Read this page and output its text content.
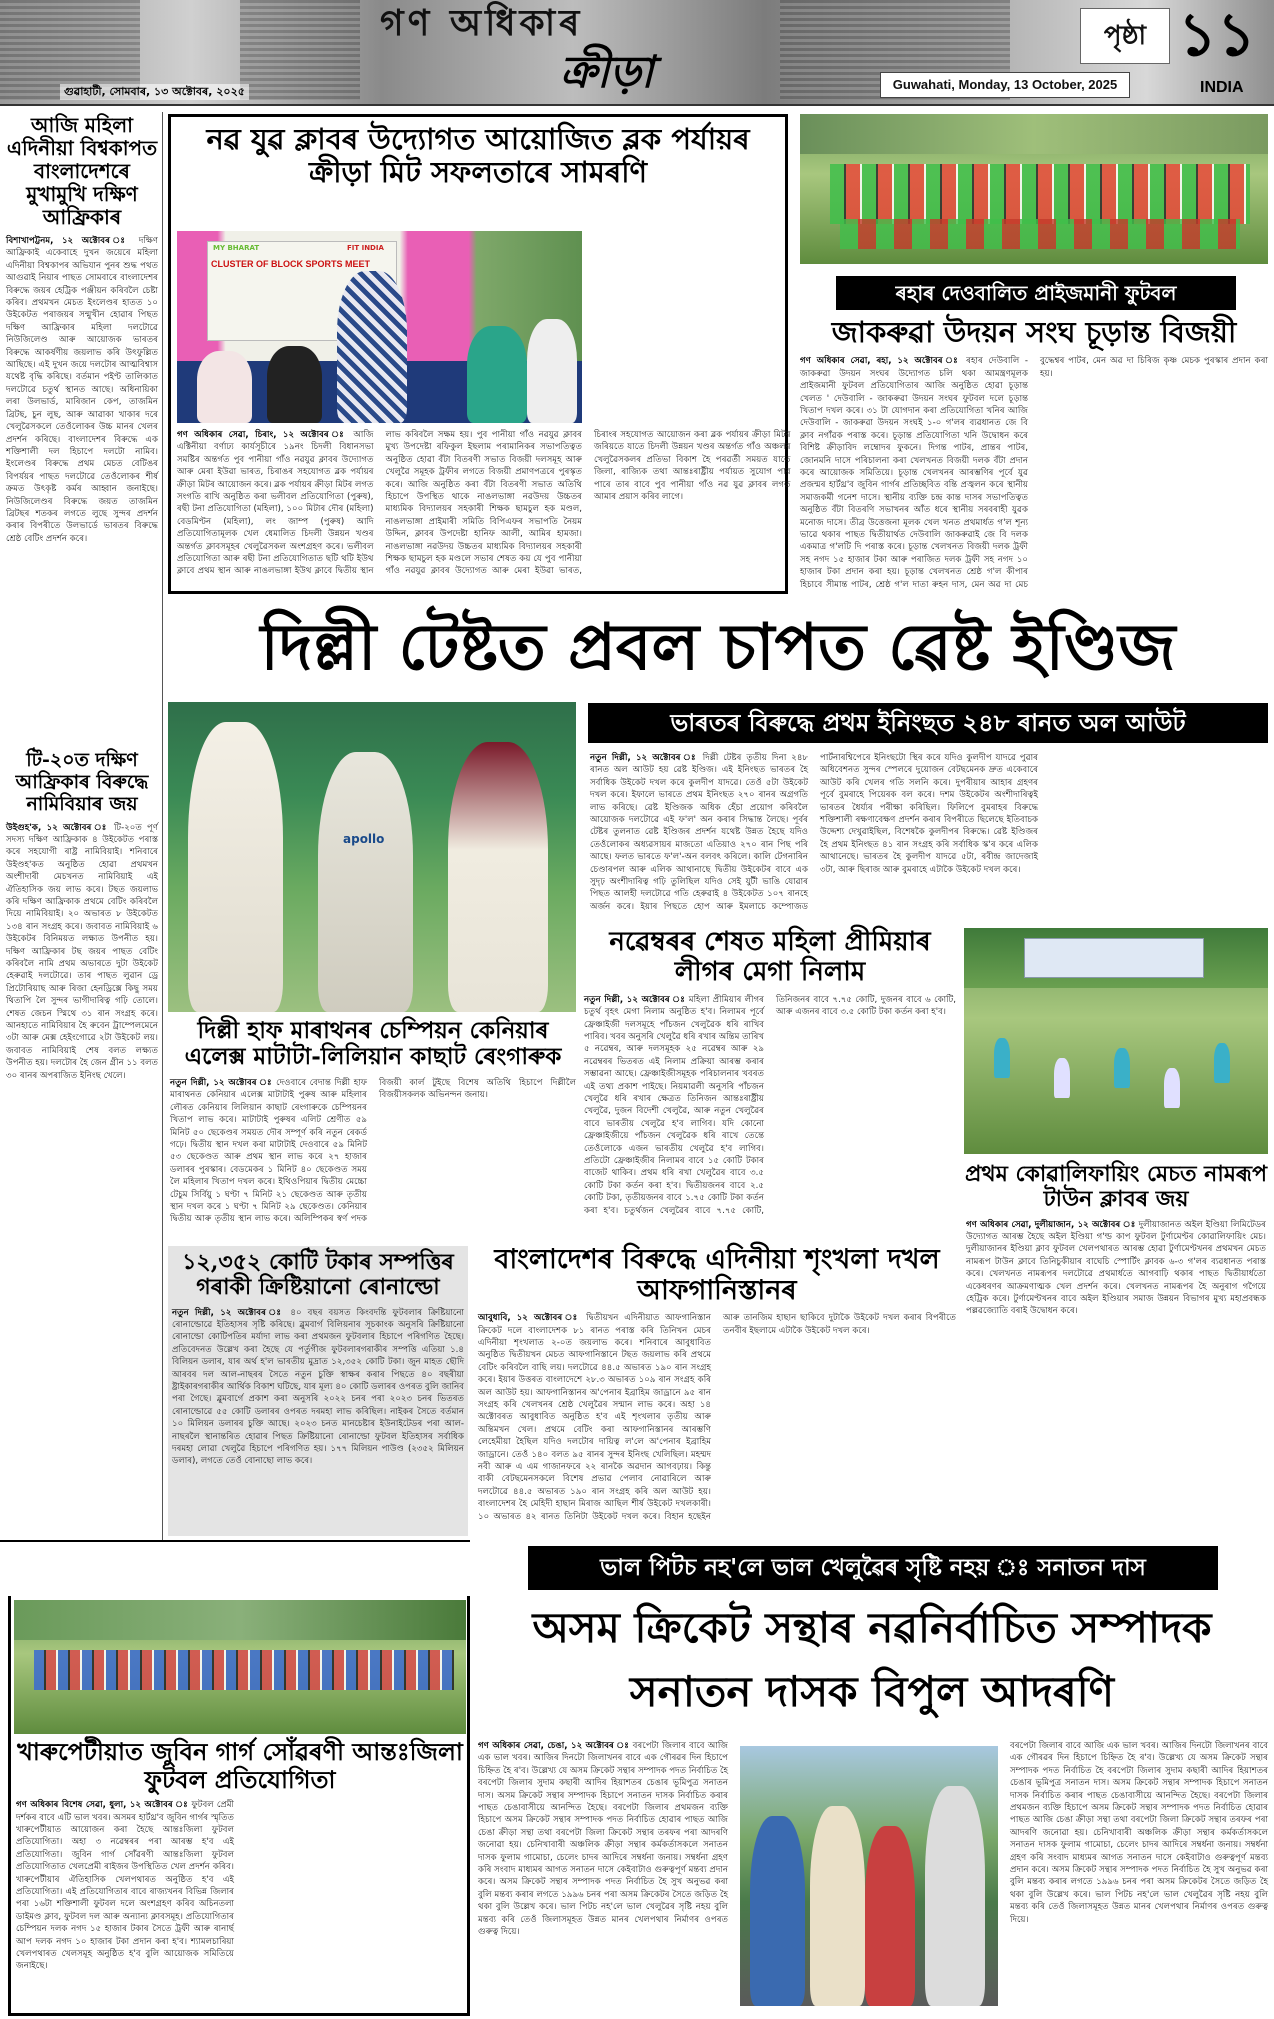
গণ অধিকাৰ
ক্ৰীড়া
গুৱাহাটী, সোমবাৰ, ১৩ অক্টোবৰ, ২০২৫	Guwahati, Monday, 13 October, 2025
পৃষ্ঠা ১১
INDIA
আজি মহিলা এদিনীয়া বিশ্বকাপত বাংলাদেশৰে মুখামুখি দক্ষিণ আফ্ৰিকাৰ
বিশাখাপট্টনম, ১২ অক্টোবৰ ঃ দক্ষিণ আফ্ৰিকাই একেবাহে দুখন জয়েৰে মহিলা এদিনীয়া বিশ্বকাপৰ অভিযান পুনৰ শুদ্ধ পথত আগুৱাই নিয়াৰ পাছত সোমবাৰে বাংলাদেশৰ বিৰুদ্ধে জয়ৰ হেট্ৰিক পঞ্জীয়ন কৰিবলৈ চেষ্টা কৰিব। প্ৰথমখন মেচত ইংলেণ্ডৰ হাতত ১০ উইকেটত পৰাজয়ৰ সন্মুখীন হোৱাৰ পিছত দক্ষিণ আফ্ৰিকাৰ মহিলা দলটোৱে নিউজিলেণ্ড আৰু আয়োজক ভাৰতৰ বিৰুদ্ধে আকৰ্ষণীয় জয়লাভ কৰি উৎফুল্লিত আছিছে। এই দুখন জয়ে দলটোৰ আত্মবিশ্বাস যথেষ্ট বৃদ্ধি কৰিছে। বৰ্তমান পইণ্ট তালিকাত দলটোৱে চতুৰ্থ স্থানত আছে। অধিনায়িকা লৰা উলভাৰ্ড, মাৰিজান কেপ, তাজমিন ব্ৰিটছ, চুন লুছ, আৰু আৱাকা খাকাৰ দৰে খেলুৱৈসকলে তেওঁলোকৰ উচ্চ মানৰ খেলৰ প্ৰদৰ্শন কৰিছে। বাংলাদেশৰ বিৰুদ্ধে এক শক্তিশালী দল হিচাপে দলটো নামিব। ইংলেণ্ডৰ বিৰুদ্ধে প্ৰথম মেচত বেটিঙৰ বিপৰ্যয়ৰ পাছত দলটোৱে তেওঁলোকৰ শীৰ্ষ ক্ৰমত উৎকৃষ্ট কৰ্মৰ আহ্বান জনাইছে। নিউজিলেণ্ডৰ বিৰুদ্ধে জয়ত তাজমিন ব্ৰিটছৰ শতকৰ লগতে লুছে সুন্দৰ প্ৰদৰ্শন কৰাৰ বিপৰীতে উলভাৰ্ডে ভাৰতৰ বিৰুদ্ধে শ্ৰেষ্ঠ বেটিং প্ৰদৰ্শন কৰে।
টি-২০ত দক্ষিণ আফ্ৰিকাৰ বিৰুদ্ধে নামিবিয়াৰ জয়
উইগুহ'ক, ১২ অক্টোবৰ ঃ টি-২০ত পূৰ্ণ সদস্য দক্ষিণ আফ্ৰিকাক ৪ উইকেটত পৰাস্ত কৰে সহযোগী ৰাষ্ট্ৰ নামিবিয়াই। শনিবাৰে উইণ্ডহ'কত অনুষ্ঠিত হোৱা প্ৰথমখন অংশীদাৰী মেচখনত নামিবিয়াই এই ঐতিহাসিক জয় লাভ কৰে। টছত জয়লাভ কৰি দক্ষিণ আফ্ৰিকাক প্ৰথমে বেটিং কৰিবলৈ দিয়ে নামিবিয়াই। ২০ অভাৰত ৮ উইকেটত ১৩৪ ৰান সংগ্ৰহ কৰে। জবাবত নামিবিয়াই ৬ উইকেটৰ বিনিময়ত লক্ষ্যত উপনীত হয়। দক্ষিণ আফ্ৰিকাৰ টছ জয়ৰ পাছত বেটিং কৰিবলৈ নামি প্ৰথম অভাৰতে দুটা উইকেট হেৰুৱাই দলটোৱে। তাৰ পাছত লুৱান ড্ৰে প্ৰিটোৰিয়াছ আৰু ৰিজা হেনড্ৰিক্সে কিছু সময় থিতাপি লৈ সুন্দৰ ভাগীদাৰিত্ব গঢ়ি তোলে। শেষত জেচন স্মিথে ৩১ ৰান সংগ্ৰহ কৰে। আনহাতে নামিবিয়াৰ হৈ ৰুবেন ট্ৰাম্পেলমেনে ৩টা আৰু মেক্স হেইংগোৱে ২টা উইকেট লয়। জবাবত নামিবিয়াই শেষ বলত লক্ষ্যত উপনীত হয়। দলটোৰ হৈ জেন গ্ৰীন ১১ বলত ৩০ ৰানৰ অপৰাজিত ইনিংছ খেলে।
নৱ যুৱ ক্লাবৰ উদ্যোগত আয়োজিত ব্লক পৰ্যায়ৰ ক্ৰীড়া মিট সফলতাৰে সামৰণি
MY BHARAT	FIT INDIA
CLUSTER OF BLOCK SPORTS MEET
গণ অধিকাৰ সেৱা, চিৰাং, ১২ অক্টোবৰ ঃ আজি এক্টিনীয়া বৰ্ণাঢ্য কাৰ্যসূচীৰে ১৯নং চিদলী বিধানসভা সমষ্টিৰ অন্তৰ্গত পুব পানীয়া গাঁও নৱযুৱ ক্লাবৰ উদ্যোগত আৰু মেৰা ইউৱা ভাৰত, চিৰাঙৰ সহযোগত ব্লক পৰ্যায়ৰ ক্ৰীড়া মিটৰ আয়োজন কৰে। ব্লক পৰ্যায়ৰ ক্ৰীড়া মিটৰ লগত সংগতি ৰাখি অনুষ্ঠিত কৰা ভলীবল প্ৰতিযোগিতা (পুৰুষ), ৰছী টনা প্ৰতিযোগিতা (মহিলা), ১০০ মিটাৰ দৌৰ (মহিলা) বেডমিণ্টন (মহিলা), লং জাম্প (পুৰুষ) আদি প্ৰতিযোগিতামূলক খেল ধেমালিত চিদলী উন্নয়ন খণ্ডৰ অন্তৰ্গত ক্লাবসমূহৰ খেলুৱৈসকল অংশগ্ৰহণ কৰে। ভলীবল প্ৰতিযোগিতা আৰু ৰছী টনা প্ৰতিযোগিতাত ছটি থটি ইউথ ক্লাবে প্ৰথম স্থান আৰু নাঙলভাঙ্গা ইউথ ক্লাবে দ্বিতীয় স্থান লাভ কৰিবলৈ সক্ষম হয়। পুব পানীয়া গাঁও নৱযুৱ ক্লাবৰ মুখ্য উপদেষ্টা ৰফিকুল ইছলাম পৰামানিকৰ সভাপতিত্বত অনুষ্ঠিত হোৱা বঁটা বিতৰণী সভাত বিজয়ী দলসমূহ আৰু খেলুৱৈ সমূহক ট্ৰফীৰ লগতে বিজয়ী প্ৰমাণপত্ৰৰে পুৰস্কৃত কৰে। আজি অনুষ্ঠিত কৰা বঁটা বিতৰণী সভাত অতিথি হিচাপে উপস্থিত থাকে নাঙলভাঙ্গা নৱউদয় উচ্চতৰ মাধ্যমিক বিদ্যালয়ৰ সহকাৰী শিক্ষক ছামচুল হক মণ্ডল, নাঙলভাঙ্গা প্ৰাইমাৰী সমিতি বিপিএফৰ সভাপতি নৈয়ম উদ্দিন, ক্লাবৰ উপদেষ্টা হানিফ আলী, আমিৰ হামজা। নাঙলভাঙ্গা নৱউদয় উচ্চতৰ মাধ্যমিক বিদ্যালয়ৰ সহকাৰী শিক্ষক ছামচুল হক মণ্ডলে সভাৰ শেষত কয় যে পুব পানীয়া গাঁও নৱযুৱ ক্লাবৰ উদ্যোগত আৰু মেৰা ইউৱা ভাৰত, চিৰাংৰ সহযোগত আয়োজন কৰা ব্লক পৰ্যায়ৰ ক্ৰীড়া মিটৰ জৰিয়তে যাতে চিদলী উন্নয়ন খণ্ডৰ অন্তৰ্গত গাঁও অঞ্চলৰ খেলুৱৈসকলৰ প্ৰতিভা বিকাশ হৈ পৰৱৰ্তী সময়ত যাতে জিলা, ৰাজ্যিক তথা আন্তঃৰাষ্ট্ৰীয় পৰ্যায়ত সুযোগ পাব পাৰে তাৰ বাবে পুব পানীয়া গাঁও নৱ যুৱ ক্লাবৰ লগত আমাৰ প্ৰয়াস কৰিব লাগে।
ৰহাৰ দেওবালিত প্ৰাইজমানী ফুটবল
জাকৰুৱা উদয়ন সংঘ চূড়ান্ত বিজয়ী
গণ অধিকাৰ সেৱা, ৰহা, ১২ অক্টোবৰ ঃ ৰহাৰ দেউবালি - জাকৰুৱা উদয়ন সংঘৰ উদ্যোগত চলি থকা আমন্ত্ৰণমূলক প্ৰাইজমানী ফুটবল প্ৰতিযোগিতাৰ আজি অনুষ্ঠিত হোৱা চূড়ান্ত খেলত ' দেউবালি - জাকৰুৱা উদয়ন সংঘৰ ফুটবল দলে চূড়ান্ত খিতাপ দখল কৰে। ৩১ টা যোগদান কৰা প্ৰতিযোগিতা খনিৰ আজি দেউবালি - জাকৰুৱা উদয়ন সংঘই ১-০ গ'লৰ ব্যৱধানত জে বি ক্লাব নগাঁৱক পৰাস্ত কৰে। চূড়ান্ত প্ৰতিযোগিতা খনি উদ্বোধন কৰে বিশিষ্ট ক্ৰীড়াবিদ লম্বোদৰ ফুকনে। দিগন্ত পাটৰ, প্ৰান্তৰ পাটৰ, জোনমনি দাসে পৰিচালনা কৰা খেলখনত বিজয়ী দলক বঁটা প্ৰদান কৰে আয়োজক সমিতিয়ে। চূড়ান্ত খেলখনৰ আৰম্ভণিৰ পূৰ্বে যুৱ প্ৰজন্মৰ হাৰ্টথ্ৰ'ব জুবিন গাৰ্গৰ প্ৰতিচ্ছবিত বন্তি প্ৰজ্বলন কৰে স্থানীয় সমাজকৰ্মী গনেশ দাসে। স্থানীয় ব্যক্তি চন্দ্ৰ কান্ত দাসৰ সভাপতিত্বত অনুষ্ঠিত বঁটা বিতৰণি সভাখনৰ আঁত ধৰে স্থানীয় সৰবৰাহী যুৱক মনোজ দাসে। তীব্ৰ উত্তেজনা মূলক খেল খনত প্ৰথমাৰ্ধত গ'ল শূন্য ভাৱে থকাৰ পাছত দ্বিতীয়াৰ্থত দেউবালি জাকৰুৱাই জে বি দলক একমাত্ৰ গ'লটি দি পৰাস্ত কৰে। চূড়ান্ত খেলখনত বিজয়ী দলক ট্ৰফী সহ নগদ ১৫ হাজাৰ টকা আৰু পৰাজিত দলক ট্ৰফী সহ নগদ ১০ হাজাৰ টকা প্ৰদান কৰা হয়। চূড়ান্ত খেলখনত শ্ৰেষ্ঠ গ'ল কীপাৰ হিচাবে সীমান্ত পাটৰ, শ্ৰেষ্ঠ গ'ল দাতা ৰুহন দাস, মেন অৱ দা মেচ বুদ্ধেশ্বৰ পাটৰ, মেন অৱ দা চিৰিজ কৃষ্ণ মেচক পুৰস্কাৰ প্ৰদান কৰা হয়।
দিল্লী টেষ্টত প্ৰবল চাপত ৱেষ্ট ইণ্ডিজ
apollo
ভাৰতৰ বিৰুদ্ধে প্ৰথম ইনিংছত ২৪৮ ৰানত অল আউট
নতুন দিল্লী, ১২ অক্টোবৰ ঃ দিল্লী টেষ্টৰ তৃতীয় দিনা ২৪৮ ৰানত অল আউট হয় ৱেষ্ট ইণ্ডিজ। এই ইনিংছত ভাৰতৰ হৈ সৰ্বাধিক উইকেট দখল কৰে কুলদীপ যাদৱে। তেওঁ ৫টা উইকেট দখল কৰে। ইফালে ভাৰতে প্ৰথম ইনিংছত ২৭০ ৰানৰ অগ্ৰগতি লাভ কৰিছে। ৱেষ্ট ইণ্ডিজক অধিক হেঁচা প্ৰয়োগ কৰিবলৈ আয়োজক দলটোৱে এই ফ'ল' অন কৰাৰ সিদ্ধান্ত লৈছে। পূৰ্বৰ টেষ্টৰ তুলনাত ৱেষ্ট ইণ্ডিজৰ প্ৰদৰ্শন যথেষ্ট উন্নত হৈছে যদিও তেওঁলোকৰ অধ্যৱসায়ৰ মাজতো এতিয়াও ২৭০ ৰান পিছ পৰি আছে। ফলত ভাৰতে ফ'ল'-অন বলবৎ কৰিলে। কালি টেগনাৰিন চেণ্ডাৰপল আৰু এলিক আথানাছে দ্বিতীয় উইকেটৰ বাবে এক সুদৃঢ় অংশীদাৰিত্ব গঢ়ি তুলিছিল যদিও সেই যুটী ভাঙি যোৱাৰ পিছত আলহী দলটোৱে গতি হেৰুৱাই ৪ উইকেটত ১০৭ ৰানহে অৰ্জন কৰে। ইয়াৰ পিছতে হোপ আৰু ইমলাচে কম্পোজড পাৰ্টনাৰশ্বিপেৰে ইনিংছটো স্থিৰ কৰে যদিও কুলদীপ যাদৱে পুৱাৰ অধিবেশনত সুন্দৰ স্পেলৰে দুয়োজন বেটছমেনক দ্ৰুত একেবাৰে আউট কৰি খেলৰ গতি সলনি কৰে। দুপৰীয়াৰ আহাৰ গ্ৰহণৰ পূৰ্বে বুমৰাহে পিয়েৰক বল কৰে। দশম উইকেটৰ অংশীদাৰিত্বই ভাৰতৰ ধৈৰ্য্যৰ পৰীক্ষা কৰিছিল। ফিলিপে বুমৰাহৰ বিৰুদ্ধে শক্তিশালী ৰক্ষণাবেক্ষণ প্ৰদৰ্শন কৰাৰ বিপৰীতে ছিলেছে ইতিবাচক উদ্দেশ্য দেখুৱাইছিল, বিশেষকৈ কুলদীপৰ বিৰুদ্ধে। ৱেষ্ট ইণ্ডিজৰ হৈ প্ৰথম ইনিংছত ৪১ ৰান সংগ্ৰহ কৰি সৰ্বাধিক স্ক'ৰ কৰে এলিক আথানেছে। ভাৰতৰ হৈ কুলদীপ যাদৱে ৫টা, ৰবীন্দ্ৰ জাদেজাই ৩টা, আৰু ছিৰাজ আৰু বুমৰাহে এটাকৈ উইকেট দখল কৰে।
নৱেম্বৰৰ শেষত মহিলা প্ৰীমিয়াৰ লীগৰ মেগা নিলাম
নতুন দিল্লী, ১২ অক্টোবৰ ঃ মহিলা প্ৰীমিয়াৰ লীগৰ চতুৰ্থ বৃহৎ মেগা নিলাম অনুষ্ঠিত হ'ব। নিলামৰ পূৰ্বে ফ্ৰেঞ্চাইজী দলসমূহে পাঁচজন খেলুৱৈক ধৰি ৰাখিব পাৰিব। খবৰ অনুসৰি খেলুৱৈ ধৰি ৰখাৰ অন্তিম তাৰিখ ৫ নৱেম্বৰ, আৰু দলসমূহক ২৫ নৱেম্বৰ আৰু ২৯ নৱেম্বৰৰ ভিতৰত এই নিলাম প্ৰক্ৰিয়া আৰম্ভ কৰাৰ সম্ভাৱনা আছে। ফ্ৰেঞ্চাইজীসমূহক পৰিচালনাৰ খবৰত এই তথ্য প্ৰকাশ পাইছে। নিয়মাৱলী অনুসৰি পাঁচজন খেলুৱৈ ধৰি ৰখাৰ ক্ষেত্ৰত তিনিজন আন্তঃৰাষ্ট্ৰীয় খেলুৱৈ, দুজন বিদেশী খেলুৱৈ, আৰু নতুন খেলুৱৈৰ বাবে ভাৰতীয় খেলুৱৈ হ'ব লাগিব। যদি কোনো ফ্ৰেঞ্চাইজীয়ে পাঁচজন খেলুৱৈক ধৰি ৰাখে তেন্তে তেওঁলোকে এজন ভাৰতীয় খেলুৱৈ হ'ব লাগিব। প্ৰতিটো ফ্ৰেঞ্চাইজীৰ নিলামৰ বাবে ১৫ কোটি টকাৰ বাজেট থাকিব। প্ৰথম ধৰি ৰখা খেলুৱৈৰ বাবে ৩.৫ কোটি টকা কৰ্তন কৰা হ'ব। দ্বিতীয়জনৰ বাবে ২.৫ কোটি টকা, তৃতীয়জনৰ বাবে ১.৭৫ কোটি টকা কৰ্তন কৰা হ'ব। চতুৰ্থজন খেলুৱৈৰ বাবে ৭.৭৫ কোটি, তিনিজনৰ বাবে ৭.৭৫ কোটি, দুজনৰ বাবে ৬ কোটি, আৰু এজনৰ বাবে ৩.৫ কোটি টকা কৰ্তন কৰা হ'ব।
প্ৰথম কোৱালিফায়িং মেচত নামৰূপ টাউন ক্লাবৰ জয়
গণ অধিকাৰ সেৱা, দুলীয়াজান, ১২ অক্টোবৰ ঃ দুলীয়াজানত অইল ইণ্ডিয়া লিমিটেডৰ উদ্যোগত আৰম্ভ হৈছে অইল ইণ্ডিয়া গ'ল্ড কাপ ফুটবল টুৰ্ণামেণ্টৰ কোৱালিফায়িং মেচ। দুলীয়াজানৰ ইণ্ডিয়া ক্লাব ফুটবল খেলপথাৰত আৰম্ভ হোৱা টুৰ্ণামেণ্টখনৰ প্ৰথমখন মেচত নামৰূপ টাউন ক্লাবে তিনিচুকীয়াৰ বাঘেচি স্পোৰ্টিং ক্লাবক ৬-৩ গ'লৰ ব্যৱধানত পৰাস্ত কৰে। খেলখনত নামৰূপৰ দলটোৱে প্ৰথমাৰ্ধতে আগবাঢ়ি থকাৰ পাছত দ্বিতীয়াৰ্ধতো একেধৰণৰ আক্ৰমণাত্মক খেল প্ৰদৰ্শন কৰে। খেলখনত নামৰূপৰ হৈ অনুৰাগ গগৈয়ে হেট্ৰিক কৰে। টুৰ্ণামেণ্টখনৰ বাবে অইল ইণ্ডিয়াৰ সমাজ উন্নয়ন বিভাগৰ মুখ্য মহাপ্ৰবন্ধক পল্লৱজ্যোতি বৰাই উদ্বোধন কৰে।
দিল্লী হাফ মাৰাথনৰ চেম্পিয়ন কেনিয়াৰ এলেক্স মাটাটা-লিলিয়ান কাছাট ৰেংগাৰুক
নতুন দিল্লী, ১২ অক্টোবৰ ঃ দেওবাৰে বেদান্ত দিল্লী হাফ মাৰাথনত কেনিয়াৰ এলেক্স মাটাটাই পুৰুষ আৰু মহিলাৰ লৌৰত কেনিয়াৰ লিলিয়ান কাছাট ৰেংগাৰুকে চেম্পিয়নৰ খিতাপ লাভ কৰে। মাটাটাই পুৰুষৰ এলিট শ্ৰেণীত ৫৯ মিনিট ৫০ ছেকেণ্ডৰ সময়ত দৌৰ সম্পূৰ্ণ কৰি নতুন ৰেকৰ্ড গঢ়ে। দ্বিতীয় স্থান দখল কৰা মাটাটাই দেওবাৰে ৫৯ মিনিট ৫৩ ছেকেণ্ডত আৰু প্ৰথম স্থান লাভ কৰে ২৭ হাজাৰ ডলাৰৰ পুৰস্কাৰ। বেডমেকৰ ১ মিনিট ৪০ ছেকেণ্ডত সময় লৈ মহিলাৰ খিতাপ দখল কৰে। ইথিওপিয়াৰ দ্বিতীয় মেচ্চো টেচুম সিৰ্বিয়ু ১ ঘণ্টা ৭ মিনিট ২১ ছেকেণ্ডত আৰু তৃতীয় স্থান দখল কৰে ১ ঘণ্টা ৭ মিনিট ২৯ ছেকেণ্ডত। কেনিয়াৰ দ্বিতীয় আৰু তৃতীয় স্থান লাভ কৰে। অলিম্পিকৰ স্বৰ্ণ পদক বিজয়ী কাৰ্ল টুইছে বিশেষ অতিথি হিচাপে দিল্লীলৈ বিজয়ীসকলক অভিনন্দন জনায়।
১২,৩৫২ কোটি টকাৰ সম্পত্তিৰ গৰাকী ক্ৰিষ্টিয়ানো ৰোনাল্ডো
নতুন দিল্লী, ১২ অক্টোবৰ ঃ ৪০ বছৰ বয়সত কিংবদন্তি ফুটবলাৰ ক্ৰিষ্টিয়ানো ৰোনাল্ডোৱে ইতিহাসৰ সৃষ্টি কৰিছে। ব্লুমবাৰ্গ বিলিয়নাৰ সূচকাংক অনুসৰি ক্ৰিষ্টিয়ানো ৰোনাল্ডো কোটিপতিৰ মৰ্যাদা লাভ কৰা প্ৰথমজন ফুটবলাৰ হিচাপে পৰিগণিত হৈছে। প্ৰতিবেদনত উল্লেখ কৰা হৈছে যে পৰ্তুগীজ ফুটবলাৰগৰাকীৰ সম্পত্তি এতিয়া ১.৪ বিলিয়ন ডলাৰ, যাৰ অৰ্থ হ'ল ভাৰতীয় মুদ্ৰাত ১২,৩৫২ কোটি টকা। জুন মাহত ছৌদি আৰবৰ দল আল-নাছৰৰ সৈতে নতুন চুক্তি স্বাক্ষৰ কৰাৰ পিছতে ৪০ বছৰীয়া ষ্ট্ৰাইকাৰগৰাকীৰ আৰ্থিক বিকাশ ঘটিছে, যাৰ মূল্য ৪০ কোটি ডলাৰৰ ওপৰত বুলি জানিব পৰা গৈছে। ব্লুমবাৰ্গে প্ৰকাশ কৰা অনুসৰি ২০২২ চনৰ পৰা ২০২৩ চনৰ ভিতৰত ৰোনাল্ডোৱে ৫৫ কোটি ডলাৰৰ ওপৰত দৰমহা লাভ কৰিছিল। নাইকৰ সৈতে বৰ্তমান ১০ মিলিয়ন ডলাৰৰ চুক্তি আছে। ২০২৩ চনত মানচেষ্টাৰ ইউনাইটেডৰ পৰা আল-নাছৰলৈ স্থানান্তৰিত হোৱাৰ পিছত ক্ৰিষ্টিয়ানো ৰোনাল্ডো ফুটবল ইতিহাসৰ সৰ্বাধিক দৰমহা লোৱা খেলুৱৈ হিচাপে পৰিগণিত হয়। ১৭৭ মিলিয়ন পাউণ্ড (২৩৫২ মিলিয়ন ডলাৰ), লগতে তেওঁ বোনাছো লাভ কৰে।
বাংলাদেশৰ বিৰুদ্ধে এদিনীয়া শৃংখলা দখল আফগানিস্তানৰ
আবুধাবি, ১২ অক্টোবৰ ঃ দ্বিতীয়খন এদিনীয়াত আফগানিস্তান ক্ৰিকেট দলে বাংলাদেশক ৮১ ৰানত পৰাস্ত কৰি তিনিখন মেচৰ এদিনীয়া শৃংখলাত ২-০ত জয়লাভ কৰে। শনিবাৰে আবুধাবিত অনুষ্ঠিত দ্বিতীয়খন মেচত আফগানিস্তানে টছত জয়লাভ কৰি প্ৰথমে বেটিং কৰিবলৈ বাছি লয়। দলটোৱে ৪৪.৫ অভাৰত ১৯০ ৰান সংগ্ৰহ কৰে। ইয়াৰ উত্তৰত বাংলাদেশে ২৮.৩ অভাৰত ১০৯ ৰান সংগ্ৰহ কৰি অল আউট হয়। আফগানিস্তানৰ অ'পেনাৰ ইব্ৰাহিম জাড্ৰানে ৯৫ ৰান সংগ্ৰহ কৰি খেলখনৰ শ্ৰেষ্ঠ খেলুৱৈৰ সন্মান লাভ কৰে। অহা ১৪ অক্টোবৰত আবুধাবিত অনুষ্ঠিত হ'ব এই শৃংখলাৰ তৃতীয় আৰু অন্তিমখন খেল। প্ৰথমে বেটিং কৰা আফগানিস্তানৰ আৰম্ভণি লেহেমীয়া হৈছিল যদিও দলটোৰ দায়িত্ব ল'লে অ'পেনাৰ ইব্ৰাহিম জাড্ৰানে। তেওঁ ১৪০ বলত ৯৫ ৰানৰ সুন্দৰ ইনিংছ খেলিছিল। মহম্মদ নবী আৰু এ এম গাজানফৰে ২২ ৰানকৈ অৱদান আগবঢ়ায়। কিন্তু বাকী বেটছমেনসকলে বিশেষ প্ৰভাৱ পেলাব নোৱাৰিলে আৰু দলটোৱে ৪৪.৫ অভাৰত ১৯০ ৰান সংগ্ৰহ কৰি অল আউট হয়। বাংলাদেশৰ হৈ মেহিদী হাছান মিৰাজ আছিল শীৰ্ষ উইকেট দখলকাৰী। ১০ অভাৰত ৪২ ৰানত তিনিটা উইকেট দখল কৰে। বিহান হছেইন আৰু তানজিম হাছান ছাকিবে দুটাকৈ উইকেট দখল কৰাৰ বিপৰীতে তনবীৰ ইছলামে এটাকৈ উইকেট দখল কৰে।
ভাল পিটচ নহ'লে ভাল খেলুৱৈৰ সৃষ্টি নহয় ঃ সনাতন দাস
অসম ক্ৰিকেট সন্থাৰ নৱনিৰ্বাচিত সম্পাদক সনাতন দাসক বিপুল আদৰণি
গণ অধিকাৰ সেৱা, চেঙা, ১২ অক্টোবৰ ঃ বৰপেটা জিলাৰ বাবে আজি এক ভাল খবৰ। আজিৰ দিনটো জিলাখনৰ বাবে এক গৌৰৱৰ দিন হিচাপে চিহ্নিত হৈ ৰ'ব। উল্লেখ্য যে অসম ক্ৰিকেট সন্থাৰ সম্পাদক পদত নিৰ্বাচিত হৈ বৰপেটা জিলাৰ সুদাম কছাৰী আদিৰ হিয়াশতৰ চেঙাৰ ভূমিপুত্ৰ সনাতন দাস। অসম ক্ৰিকেট সন্থাৰ সম্পাদক হিচাপে সনাতন দাসক নিৰ্বাচিত কৰাৰ পাছত চেঙাবাসীয়ে আনন্দিত হৈছে। বৰপেটা জিলাৰ প্ৰথমজন ব্যক্তি হিচাপে অসম ক্ৰিকেট সন্থাৰ সম্পাদক পদত নিৰ্বাচিত হোৱাৰ পাছত আজি চেঙা ক্ৰীড়া সন্থা তথা বৰপেটা জিলা ক্ৰিকেট সন্থাৰ তৰফৰ পৰা আদৰণি জনোৱা হয়। চেনিখাবাৰী অঞ্চলিক ক্ৰীড়া সন্থাৰ কৰ্মকৰ্তাসকলে সনাতন দাসক ফুলাম গামোচা, চেলেং চাদৰ আদিৰে সম্বৰ্ধনা জনায়। সম্বৰ্ধনা গ্ৰহণ কৰি সংবাদ মাধ্যমৰ আগত সনাতন দাসে কেইবাটাও গুৰুত্বপূৰ্ণ মন্তব্য প্ৰদান কৰে। অসম ক্ৰিকেট সন্থাৰ সম্পাদক পদত নিৰ্বাচিত হৈ সুখ অনুভৱ কৰা বুলি মন্তব্য কৰাৰ লগতে ১৯৯৬ চনৰ পৰা অসম ক্ৰিকেটৰ সৈতে জড়িত হৈ থকা বুলি উল্লেখ কৰে। ভাল পিটচ নহ'লে ভাল খেলুৱৈৰ সৃষ্টি নহয় বুলি মন্তব্য কৰি তেওঁ জিলাসমূহত উন্নত মানৰ খেলপথাৰ নিৰ্মাণৰ ওপৰত গুৰুত্ব দিয়ে।
বৰপেটা জিলাৰ বাবে আজি এক ভাল খবৰ। আজিৰ দিনটো জিলাখনৰ বাবে এক গৌৰৱৰ দিন হিচাপে চিহ্নিত হৈ ৰ'ব। উল্লেখ্য যে অসম ক্ৰিকেট সন্থাৰ সম্পাদক পদত নিৰ্বাচিত হৈ বৰপেটা জিলাৰ সুদাম কছাৰী আদিৰ হিয়াশতৰ চেঙাৰ ভূমিপুত্ৰ সনাতন দাস। অসম ক্ৰিকেট সন্থাৰ সম্পাদক হিচাপে সনাতন দাসক নিৰ্বাচিত কৰাৰ পাছত চেঙাবাসীয়ে আনন্দিত হৈছে। বৰপেটা জিলাৰ প্ৰথমজন ব্যক্তি হিচাপে অসম ক্ৰিকেট সন্থাৰ সম্পাদক পদত নিৰ্বাচিত হোৱাৰ পাছত আজি চেঙা ক্ৰীড়া সন্থা তথা বৰপেটা জিলা ক্ৰিকেট সন্থাৰ তৰফৰ পৰা আদৰণি জনোৱা হয়। চেনিখাবাৰী অঞ্চলিক ক্ৰীড়া সন্থাৰ কৰ্মকৰ্তাসকলে সনাতন দাসক ফুলাম গামোচা, চেলেং চাদৰ আদিৰে সম্বৰ্ধনা জনায়। সম্বৰ্ধনা গ্ৰহণ কৰি সংবাদ মাধ্যমৰ আগত সনাতন দাসে কেইবাটাও গুৰুত্বপূৰ্ণ মন্তব্য প্ৰদান কৰে। অসম ক্ৰিকেট সন্থাৰ সম্পাদক পদত নিৰ্বাচিত হৈ সুখ অনুভৱ কৰা বুলি মন্তব্য কৰাৰ লগতে ১৯৯৬ চনৰ পৰা অসম ক্ৰিকেটৰ সৈতে জড়িত হৈ থকা বুলি উল্লেখ কৰে। ভাল পিটচ নহ'লে ভাল খেলুৱৈৰ সৃষ্টি নহয় বুলি মন্তব্য কৰি তেওঁ জিলাসমূহত উন্নত মানৰ খেলপথাৰ নিৰ্মাণৰ ওপৰত গুৰুত্ব দিয়ে।
খাৰুপেটীয়াত জুবিন গাৰ্গ সোঁৱৰণী আন্তঃজিলা ফুটবল প্ৰতিযোগিতা
গণ অধিকাৰ বিশেষ সেৱা, ধুলা, ১২ অক্টোবৰ ঃ ফুটবল প্ৰেমী দৰ্শকৰ বাবে এটি ভাল খবৰ। অসমৰ হাৰ্টথ্ৰ'ব জুবিন গাৰ্গৰ স্মৃতিত খাৰুপেটীয়াত আয়োজন কৰা হৈছে আন্তঃজিলা ফুটবল প্ৰতিযোগিতা। অহা ৩ নৱেম্বৰৰ পৰা আৰম্ভ হ'ব এই প্ৰতিযোগিতা। জুবিন গাৰ্গ সোঁৱৰণী আন্তঃজিলা ফুটবল প্ৰতিযোগিতাত খেলপ্ৰেমী ৰাইজৰ উপস্থিতিত খেল প্ৰদৰ্শন কৰিব। খাৰুপেটীয়াৰ ঐতিহাসিক খেলপথাৰত অনুষ্ঠিত হ'ব এই প্ৰতিযোগিতা। এই প্ৰতিযোগিতাৰ বাবে ৰাজ্যখনৰ বিভিন্ন জিলাৰ পৰা ১৬টা শক্তিশালী ফুটবল দলে অংশগ্ৰহণ কৰিব অচিনতলা ডাইমণ্ড ক্লাব, ফুটবল দল আৰু অন্যান্য ক্লাবসমূহ। প্ৰতিযোগিতাৰ চেম্পিয়ন দলক নগদ ১৫ হাজাৰ টকাৰ সৈতে ট্ৰফী আৰু ৰানাৰ্ছ আপ দলক নগদ ১০ হাজাৰ টকা প্ৰদান কৰা হ'ব। শ্যামলচাৰিয়া খেলপথাৰত খেলসমূহ অনুষ্ঠিত হ'ব বুলি আয়োজক সমিতিয়ে জনাইছে।
